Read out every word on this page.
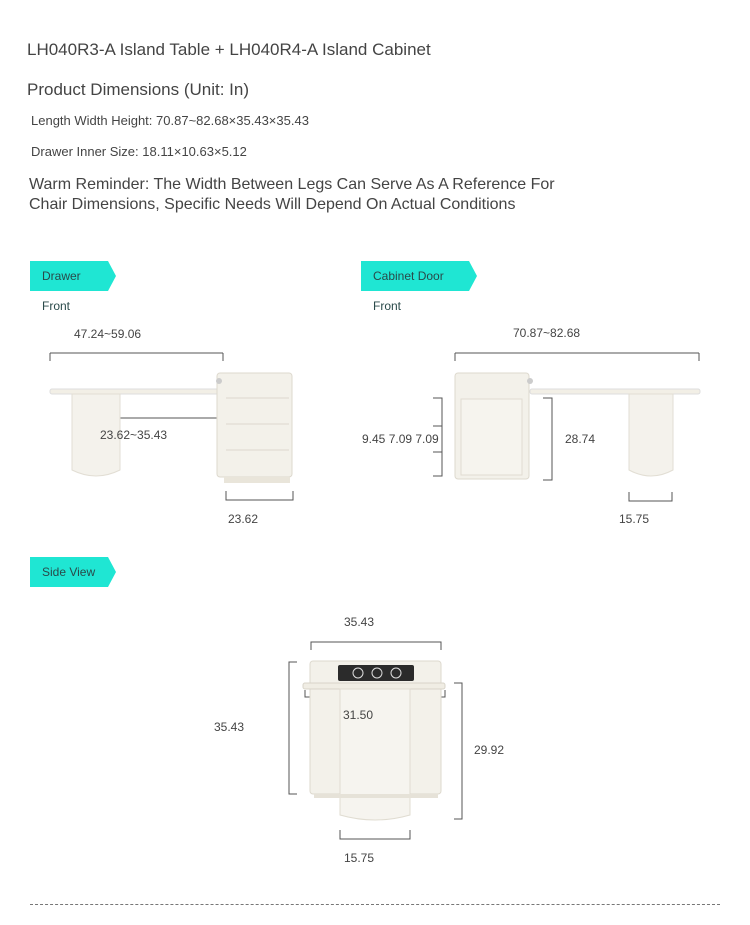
LH040R3-A Island Table + LH040R4-A Island Cabinet
Product Dimensions (Unit: In)
Length Width Height: 70.87~82.68×35.43×35.43
Drawer Inner Size: 18.11×10.63×5.12
Warm Reminder: The Width Between Legs Can Serve As A Reference For Chair Dimensions, Specific Needs Will Depend On Actual Conditions
Drawer Front
Cabinet Door Front
Side View
47.24~59.06
23.62~35.43
23.62
70.87~82.68
9.45 7.09 7.09	28.74
15.75
35.43
35.43
31.50
29.92
15.75
